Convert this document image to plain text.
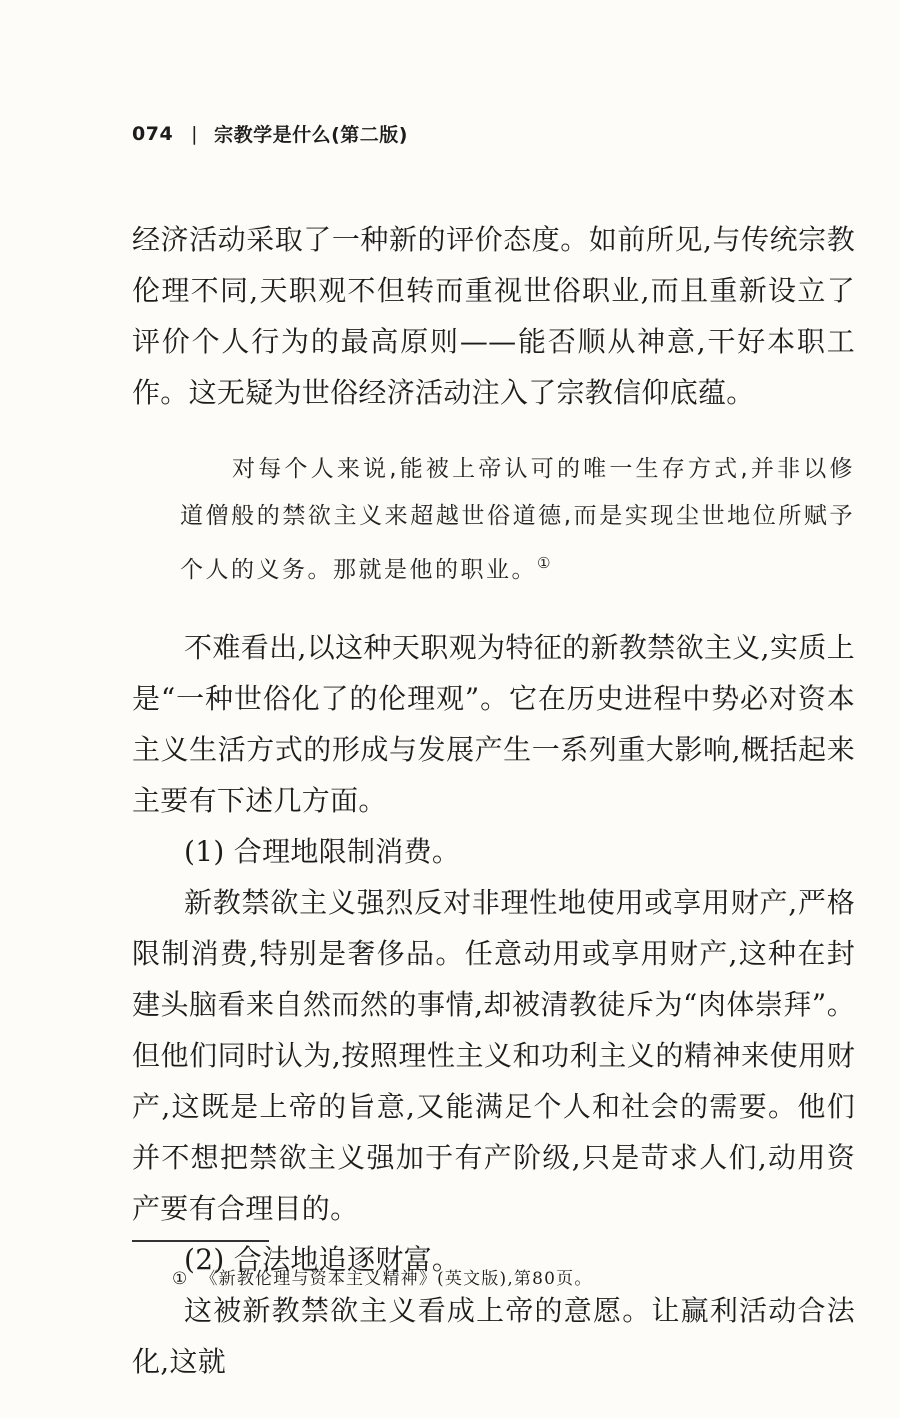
074 | 宗教学是什么(第二版)

经济活动采取了一种新的评价态度。如前所见,与传统宗教伦理不同,天职观不但转而重视世俗职业,而且重新设立了评价个人行为的最高原则——能否顺从神意,干好本职工作。这无疑为世俗经济活动注入了宗教信仰底蕴。

对每个人来说,能被上帝认可的唯一生存方式,并非以修道僧般的禁欲主义来超越世俗道德,而是实现尘世地位所赋予个人的义务。那就是他的职业。①

不难看出,以这种天职观为特征的新教禁欲主义,实质上是“一种世俗化了的伦理观”。它在历史进程中势必对资本主义生活方式的形成与发展产生一系列重大影响,概括起来主要有下述几方面。

(1) 合理地限制消费。

新教禁欲主义强烈反对非理性地使用或享用财产,严格限制消费,特别是奢侈品。任意动用或享用财产,这种在封建头脑看来自然而然的事情,却被清教徒斥为“肉体崇拜”。但他们同时认为,按照理性主义和功利主义的精神来使用财产,这既是上帝的旨意,又能满足个人和社会的需要。他们并不想把禁欲主义强加于有产阶级,只是苛求人们,动用资产要有合理目的。

(2) 合法地追逐财富。

这被新教禁欲主义看成上帝的意愿。让赢利活动合法化,这就

① 《新教伦理与资本主义精神》(英文版),第80页。
